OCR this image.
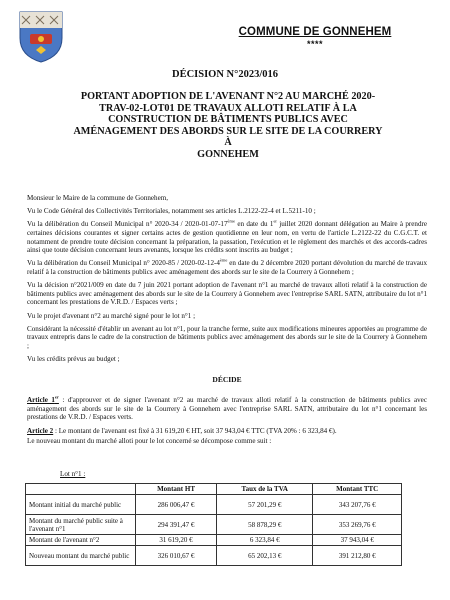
COMMUNE DE GONNEHEM
****
DÉCISION N°2023/016
PORTANT ADOPTION DE L'AVENANT N°2 AU MARCHÉ 2020-
TRAV-02-LOT01 DE TRAVAUX ALLOTI RELATIF À LA
CONSTRUCTION DE BÂTIMENTS PUBLICS AVEC
AMÉNAGEMENT DES ABORDS SUR LE SITE DE LA COURRERY À
GONNEHEM

Monsieur le Maire de la commune de Gonnehem,

Vu le Code Général des Collectivités Territoriales, notamment ses articles L.2122-22-4 et L.5211-10 ;

Vu la délibération du Conseil Municipal n° 2020-34 / 2020-01-07-17ème en date du 1er juillet 2020 donnant délégation au Maire à prendre certaines décisions courantes et signer certains actes de gestion quotidienne en leur nom, en vertu de l'article L.2122-22 du C.G.C.T. et notamment de prendre toute décision concernant la préparation, la passation, l'exécution et le règlement des marchés et des accords-cadres ainsi que toute décision concernant leurs avenants, lorsque les crédits sont inscrits au budget ;

Vu la délibération du Conseil Municipal n° 2020-85 / 2020-02-12-4ème en date du 2 décembre 2020 portant dévolution du marché de travaux relatif à la construction de bâtiments publics avec aménagement des abords sur le site de la Courrery à Gonnehem ;

Vu la décision n°2021/009 en date du 7 juin 2021 portant adoption de l'avenant n°1 au marché de travaux alloti relatif à la construction de bâtiments publics avec aménagement des abords sur le site de la Courrery à Gonnehem avec l'entreprise SARL SATN, attributaire du lot n°1 concernant les prestations de V.R.D. / Espaces verts ;

Vu le projet d'avenant n°2 au marché signé pour le lot n°1 ;

Considérant la nécessité d'établir un avenant au lot n°1, pour la tranche ferme, suite aux modifications mineures apportées au programme de travaux entrepris dans le cadre de la construction de bâtiments publics avec aménagement des abords sur le site de la Courrery à Gonnehem ;

Vu les crédits prévus au budget ;

DÉCIDE

Article 1er : d'approuver et de signer l'avenant n°2 au marché de travaux alloti relatif à la construction de bâtiments publics avec aménagement des abords sur le site de la Courrery à Gonnehem avec l'entreprise SARL SATN, attributaire du lot n°1 concernant les prestations de V.R.D. / Espaces verts.

Article 2 : Le montant de l'avenant est fixé à 31 619,20 € HT, soit 37 943,04 € TTC (TVA 20% : 6 323,84 €).

Le nouveau montant du marché alloti pour le lot concerné se décompose comme suit :

Lot n°1 :
	Montant HT	Taux de la TVA	Montant TTC
Montant initial du marché public	286 006,47 €	57 201,29 €	343 207,76 €
Montant du marché public suite à l'avenant n°1	294 391,47 €	58 878,29 €	353 269,76 €
Montant de l'avenant n°2	31 619,20 €	6 323,84 €	37 943,04 €
Nouveau montant du marché public	326 010,67 €	65 202,13 €	391 212,80 €
